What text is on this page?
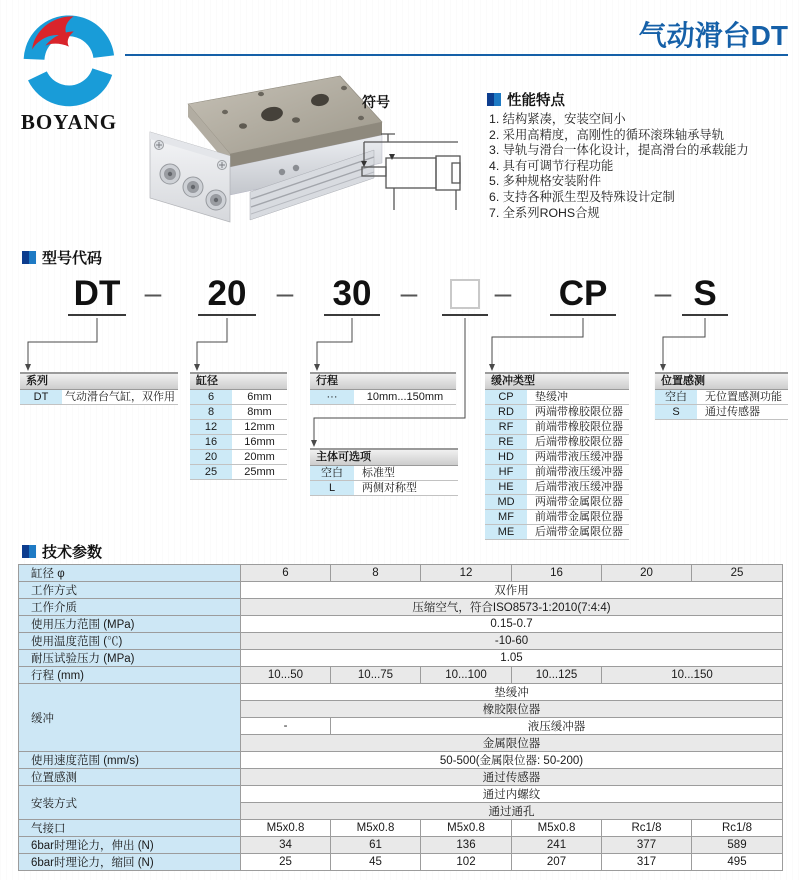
BOYANG
气动滑台DT
符号	性能特点
1. 结构紧凑，安装空间小
2. 采用高精度，高刚性的循环滚珠轴承导轨
3. 导轨与滑台一体化设计，提高滑台的承载能力
4. 具有可调节行程功能
5. 多种规格安装附件
6. 支持各种派生型及特殊设计定制
7. 全系列ROHS合规
型号代码
DT – 20	– 30 –	– CP – S
系列
DT	气动滑台气缸，双作用
缸径
6	6mm
8	8mm
12	12mm
16	16mm
20	20mm
25	25mm
行程
···	10mm...150mm
主体可选项
空白	标准型
L	两侧对称型
缓冲类型
CP	垫缓冲
RD	两端带橡胶限位器
RF	前端带橡胶限位器
RE	后端带橡胶限位器
HD	两端带液压缓冲器
HF	前端带液压缓冲器
HE	后端带液压缓冲器
MD	两端带金属限位器
MF	前端带金属限位器
ME	后端带金属限位器
位置感测
空白	无位置感测功能
S	通过传感器
技术参数
缸径 φ	6	8	12	16	20	25
工作方式	双作用					
工作介质	压缩空气，符合ISO8573-1:2010(7:4:4)					
使用压力范围 (MPa)	0.15-0.7					
使用温度范围 (℃)	-10-60					
耐压试验压力 (MPa)	1.05					
行程 (mm)	10...50	10...75	10...100	10...125	10...150	
缓冲	垫缓冲					
	橡胶限位器					
	-	液压缓冲器				
	金属限位器					
使用速度范围 (mm/s)	50-500(金属限位器: 50-200)					
位置感测	通过传感器					
安装方式	通过内螺纹					
	通过通孔					
气接口	M5x0.8	M5x0.8	M5x0.8	M5x0.8	Rc1/8	Rc1/8
6bar时理论力，伸出 (N)	34	61	136	241	377	589
6bar时理论力，缩回 (N)	25	45	102	207	317	495
